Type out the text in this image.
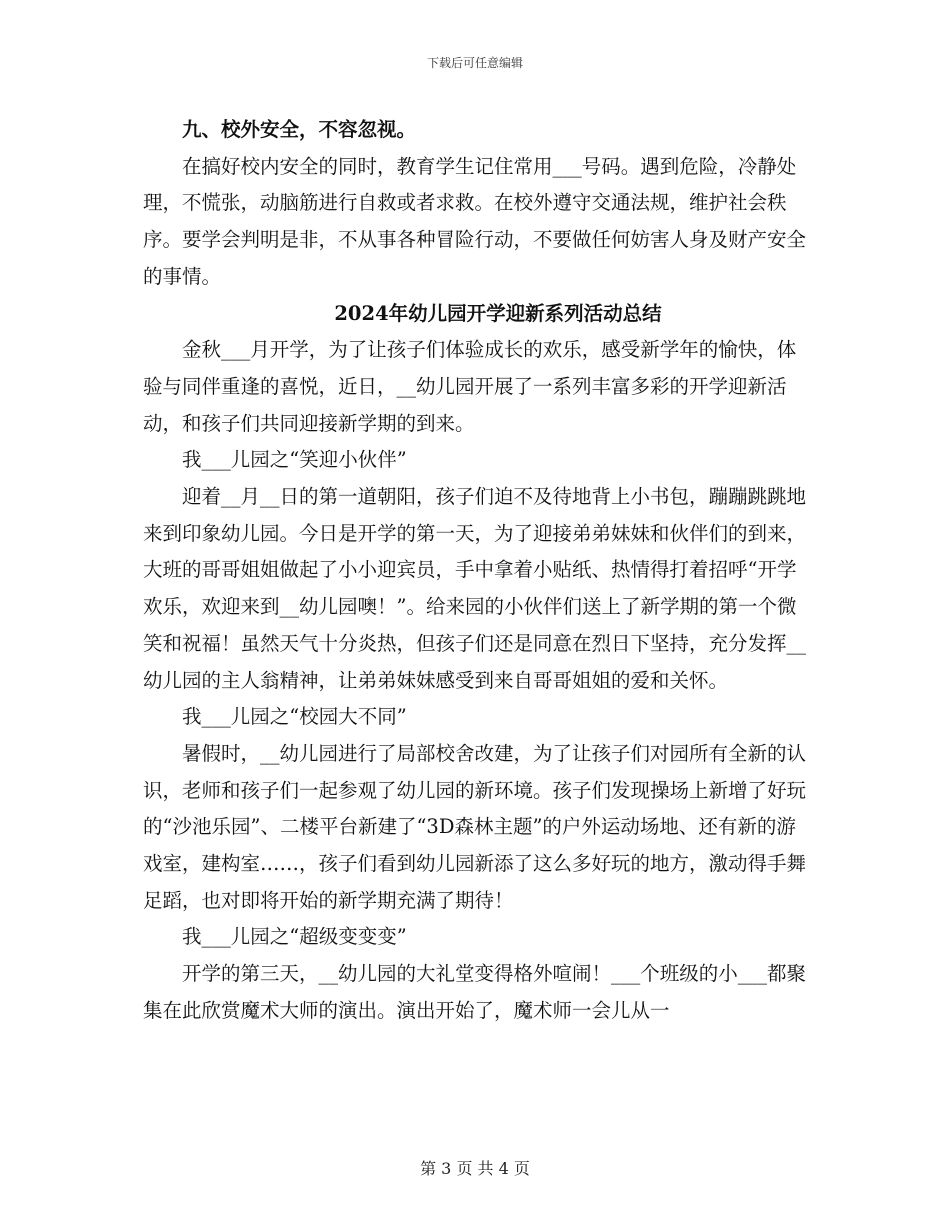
下载后可任意编辑

九、校外安全，不容忽视。

在搞好校内安全的同时，教育学生记住常用___号码。遇到危险，冷静处理，不慌张，动脑筋进行自救或者求救。在校外遵守交通法规，维护社会秩序。要学会判明是非，不从事各种冒险行动，不要做任何妨害人身及财产安全的事情。

2024年幼儿园开学迎新系列活动总结

金秋___月开学，为了让孩子们体验成长的欢乐，感受新学年的愉快，体验与同伴重逢的喜悦，近日，__幼儿园开展了一系列丰富多彩的开学迎新活动，和孩子们共同迎接新学期的到来。

我___儿园之“笑迎小伙伴”

迎着__月__日的第一道朝阳，孩子们迫不及待地背上小书包，蹦蹦跳跳地来到印象幼儿园。今日是开学的第一天，为了迎接弟弟妹妹和伙伴们的到来，大班的哥哥姐姐做起了小小迎宾员，手中拿着小贴纸、热情得打着招呼“开学欢乐，欢迎来到__幼儿园噢！”。给来园的小伙伴们送上了新学期的第一个微笑和祝福！虽然天气十分炎热，但孩子们还是同意在烈日下坚持，充分发挥__幼儿园的主人翁精神，让弟弟妹妹感受到来自哥哥姐姐的爱和关怀。

我___儿园之“校园大不同”

暑假时，__幼儿园进行了局部校舍改建，为了让孩子们对园所有全新的认识，老师和孩子们一起参观了幼儿园的新环境。孩子们发现操场上新增了好玩的“沙池乐园”、二楼平台新建了“3D森林主题”的户外运动场地、还有新的游戏室，建构室……，孩子们看到幼儿园新添了这么多好玩的地方，激动得手舞足蹈，也对即将开始的新学期充满了期待！

我___儿园之“超级变变变”

开学的第三天，__幼儿园的大礼堂变得格外喧闹！___个班级的小___都聚集在此欣赏魔术大师的演出。演出开始了，魔术师一会儿从一

第 3 页 共 4 页
